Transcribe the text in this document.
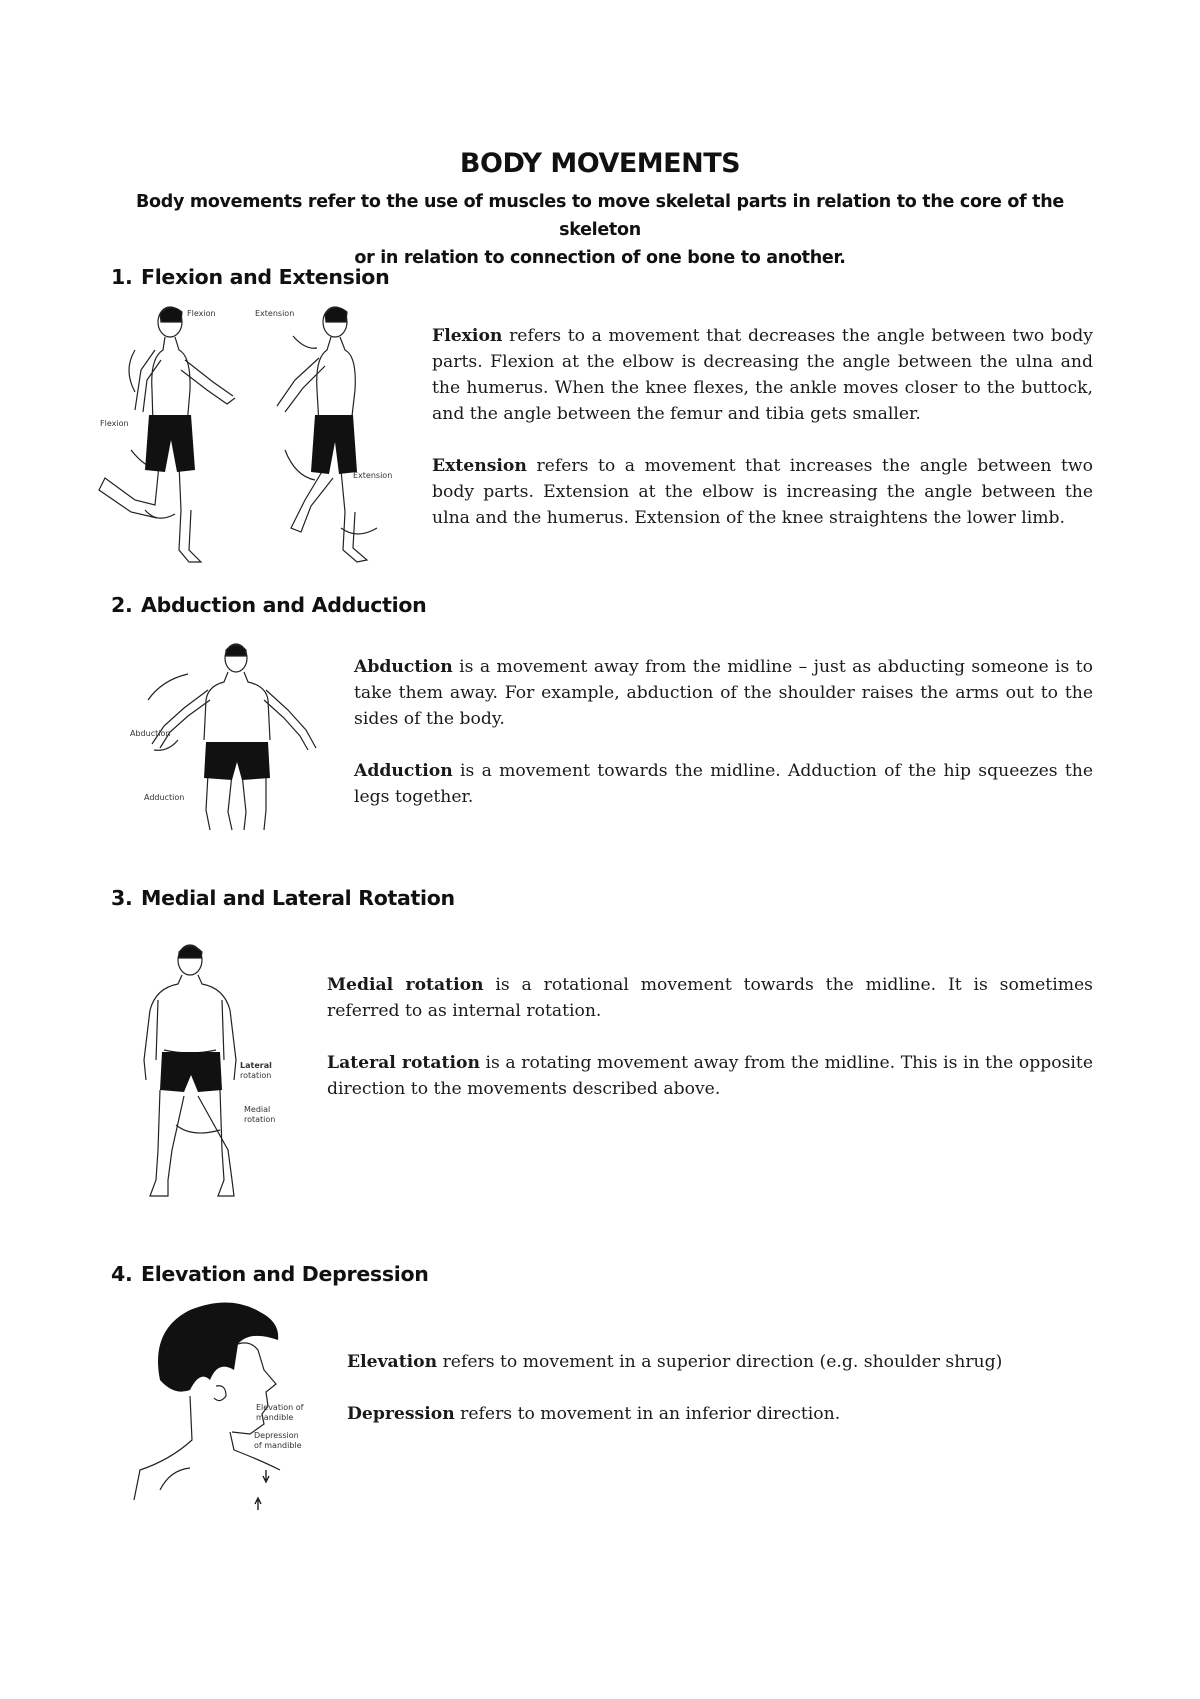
BODY MOVEMENTS
Body movements refer to the use of muscles to move skeletal parts in relation to the core of the skeleton
or in relation to connection of one bone to another.
1. Flexion and Extension
Flexion	Extension
Flexion
Extension

Flexion refers to a movement that decreases the angle between two body parts. Flexion at the elbow is decreasing the angle between the ulna and the humerus. When the knee flexes, the ankle moves closer to the buttock, and the angle between the femur and tibia gets smaller.

Extension refers to a movement that increases the angle between two body parts. Extension at the elbow is increasing the angle between the ulna and the humerus. Extension of the knee straightens the lower limb.

2. Abduction and Adduction
Abduction
Adduction

Abduction is a movement away from the midline – just as abducting someone is to take them away. For example, abduction of the shoulder raises the arms out to the sides of the body.

Adduction is a movement towards the midline. Adduction of the hip squeezes the legs together.

3. Medial and Lateral Rotation
Lateral
rotation
Medial
rotation

Medial rotation is a rotational movement towards the midline. It is sometimes referred to as internal rotation.

Lateral rotation is a rotating movement away from the midline. This is in the opposite direction to the movements described above.

4. Elevation and Depression
Elevation of
mandible
Depression
of mandible

Elevation refers to movement in a superior direction (e.g. shoulder shrug)

Depression refers to movement in an inferior direction.
